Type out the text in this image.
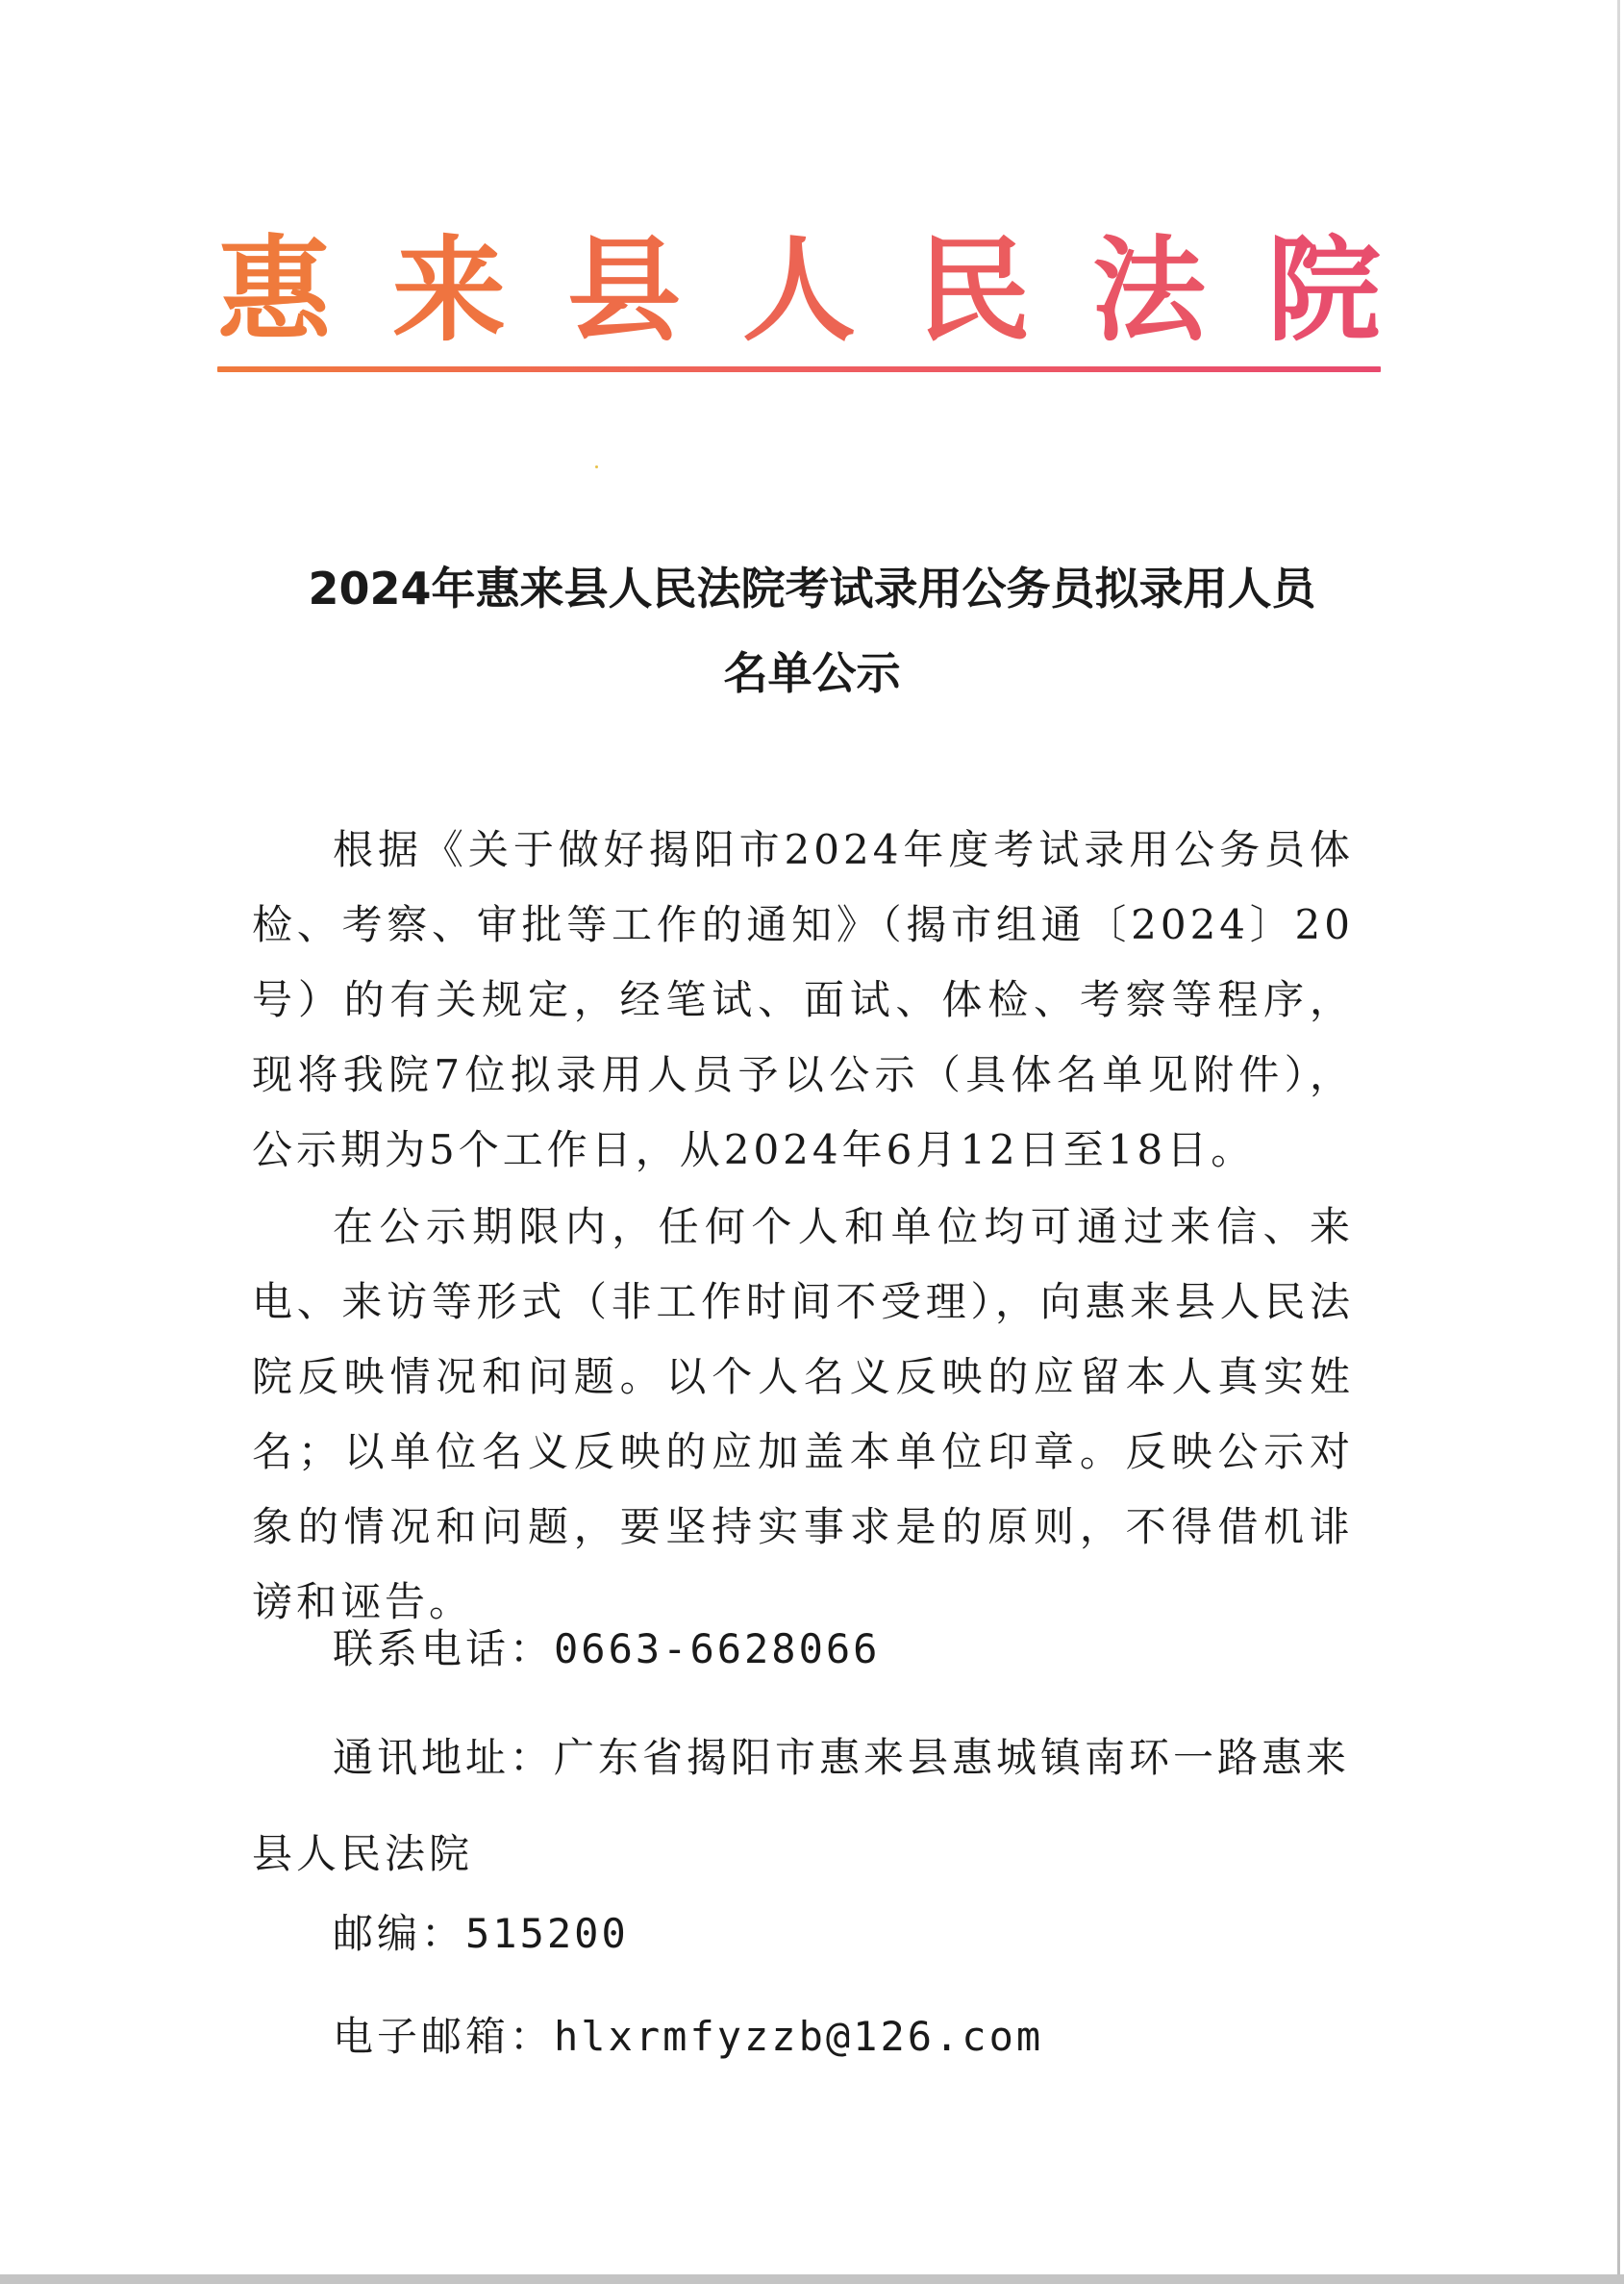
惠 来 县 人 民 法 院
2024年惠来县人民法院考试录用公务员拟录用人员
名单公示

根据《关于做好揭阳市2024年度考试录用公务员体检、考察、审批等工作的通知》（揭市组通〔2024〕20号）的有关规定，经笔试、面试、体检、考察等程序，现将我院7位拟录用人员予以公示（具体名单见附件），公示期为5个工作日，从2024年6月12日至18日。

在公示期限内，任何个人和单位均可通过来信、来电、来访等形式（非工作时间不受理），向惠来县人民法院反映情况和问题。以个人名义反映的应留本人真实姓名；以单位名义反映的应加盖本单位印章。反映公示对象的情况和问题，要坚持实事求是的原则，不得借机诽谤和诬告。

联系电话：0663-6628066

通讯地址：广东省揭阳市惠来县惠城镇南环一路惠来县人民法院

邮编：515200

电子邮箱：hlxrmfyzzb@126.com
